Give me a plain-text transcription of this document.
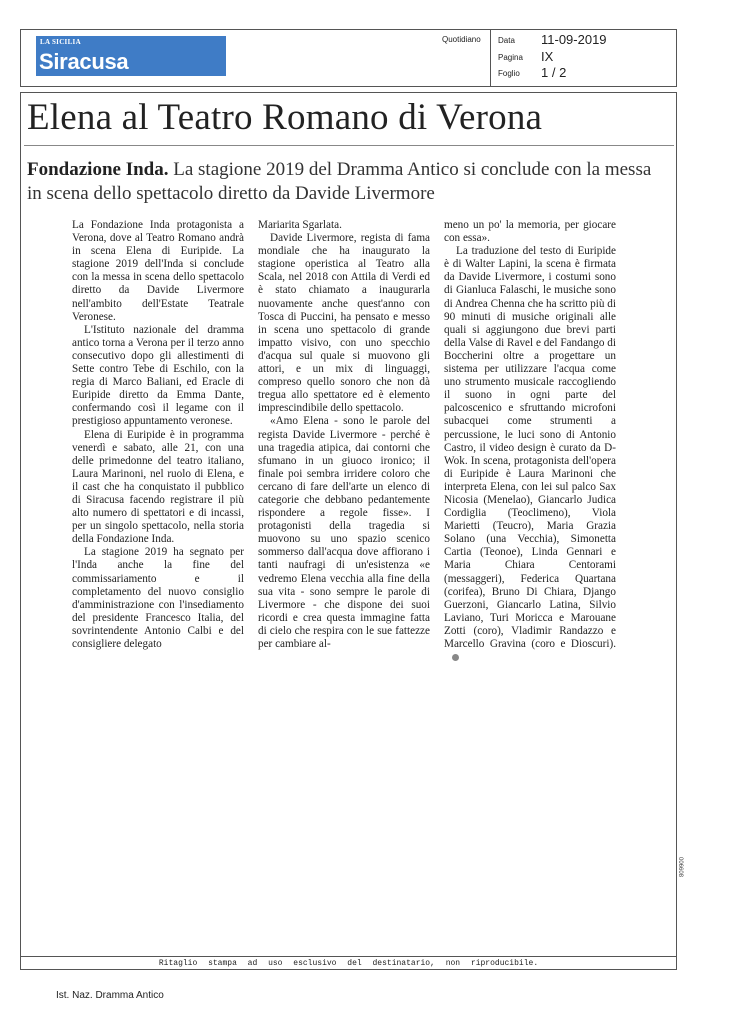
LA SICILIA
Siracusa
Quotidiano Data 11-09-2019
Pagina IX
Foglio 1 / 2
Elena al Teatro Romano di Verona
Fondazione Inda. La stagione 2019 del Dramma Antico si conclude con la messa in scena dello spettacolo diretto da Davide Livermore

La Fondazione Inda protagonista a Verona, dove al Teatro Romano andrà in scena Elena di Euripide. La stagione 2019 dell'Inda si conclude con la messa in scena dello spettacolo diretto da Davide Livermore nell'ambito dell'Estate Teatrale Veronese.

L'Istituto nazionale del dramma antico torna a Verona per il terzo anno consecutivo dopo gli allestimenti di Sette contro Tebe di Eschilo, con la regia di Marco Baliani, ed Eracle di Euripide diretto da Emma Dante, confermando così il legame con il prestigioso appuntamento veronese.

Elena di Euripide è in programma venerdì e sabato, alle 21, con una delle primedonne del teatro italiano, Laura Marinoni, nel ruolo di Elena, e il cast che ha conquistato il pubblico di Siracusa facendo registrare il più alto numero di spettatori e di incassi, per un singolo spettacolo, nella storia della Fondazione Inda.

La stagione 2019 ha segnato per l'Inda anche la fine del commissariamento e il completamento del nuovo consiglio d'amministrazione con l'insediamento del presidente Francesco Italia, del sovrintendente Antonio Calbi e del consigliere delegato

Mariarita Sgarlata.

Davide Livermore, regista di fama mondiale che ha inaugurato la stagione operistica al Teatro alla Scala, nel 2018 con Attila di Verdi ed è stato chiamato a inaugurarla nuovamente anche quest'anno con Tosca di Puccini, ha pensato e messo in scena uno spettacolo di grande impatto visivo, con uno specchio d'acqua sul quale si muovono gli attori, e un mix di linguaggi, compreso quello sonoro che non dà tregua allo spettatore ed è elemento imprescindibile dello spettacolo.

«Amo Elena - sono le parole del regista Davide Livermore - perché è una tragedia atipica, dai contorni che sfumano in un giuoco ironico; il finale poi sembra irridere coloro che cercano di fare dell'arte un elenco di categorie che debbano pedantemente rispondere a regole fisse». I protagonisti della tragedia si muovono su uno spazio scenico sommerso dall'acqua dove affiorano i tanti naufragi di un'esistenza «e vedremo Elena vecchia alla fine della sua vita - sono sempre le parole di Livermore - che dispone dei suoi ricordi e crea questa immagine fatta di cielo che respira con le sue fattezze per cambiare al-

meno un po' la memoria, per giocare con essa».

La traduzione del testo di Euripide è di Walter Lapini, la scena è firmata da Davide Livermore, i costumi sono di Gianluca Falaschi, le musiche sono di Andrea Chenna che ha scritto più di 90 minuti di musiche originali alle quali si aggiungono due brevi parti della Valse di Ravel e del Fandango di Boccherini oltre a progettare un sistema per utilizzare l'acqua come uno strumento musicale raccogliendo il suono in ogni parte del palcoscenico e sfruttando microfoni subacquei come strumenti a percussione, le luci sono di Antonio Castro, il video design è curato da D-Wok. In scena, protagonista dell'opera di Euripide è Laura Marinoni che interpreta Elena, con lei sul palco Sax Nicosia (Menelao), Giancarlo Judica Cordiglia (Teoclimeno), Viola Marietti (Teucro), Maria Grazia Solano (una Vecchia), Simonetta Cartia (Teonoe), Linda Gennari e Maria Chiara Centorami (messaggeri), Federica Quartana (corifea), Bruno Di Chiara, Django Guerzoni, Giancarlo Latina, Silvio Laviano, Turi Moricca e Marouane Zotti (coro), Vladimir Randazzo e Marcello Gravina (coro e Dioscuri).

006608
Ritaglio stampa ad uso esclusivo del destinatario, non riproducibile.
Ist. Naz. Dramma Antico
